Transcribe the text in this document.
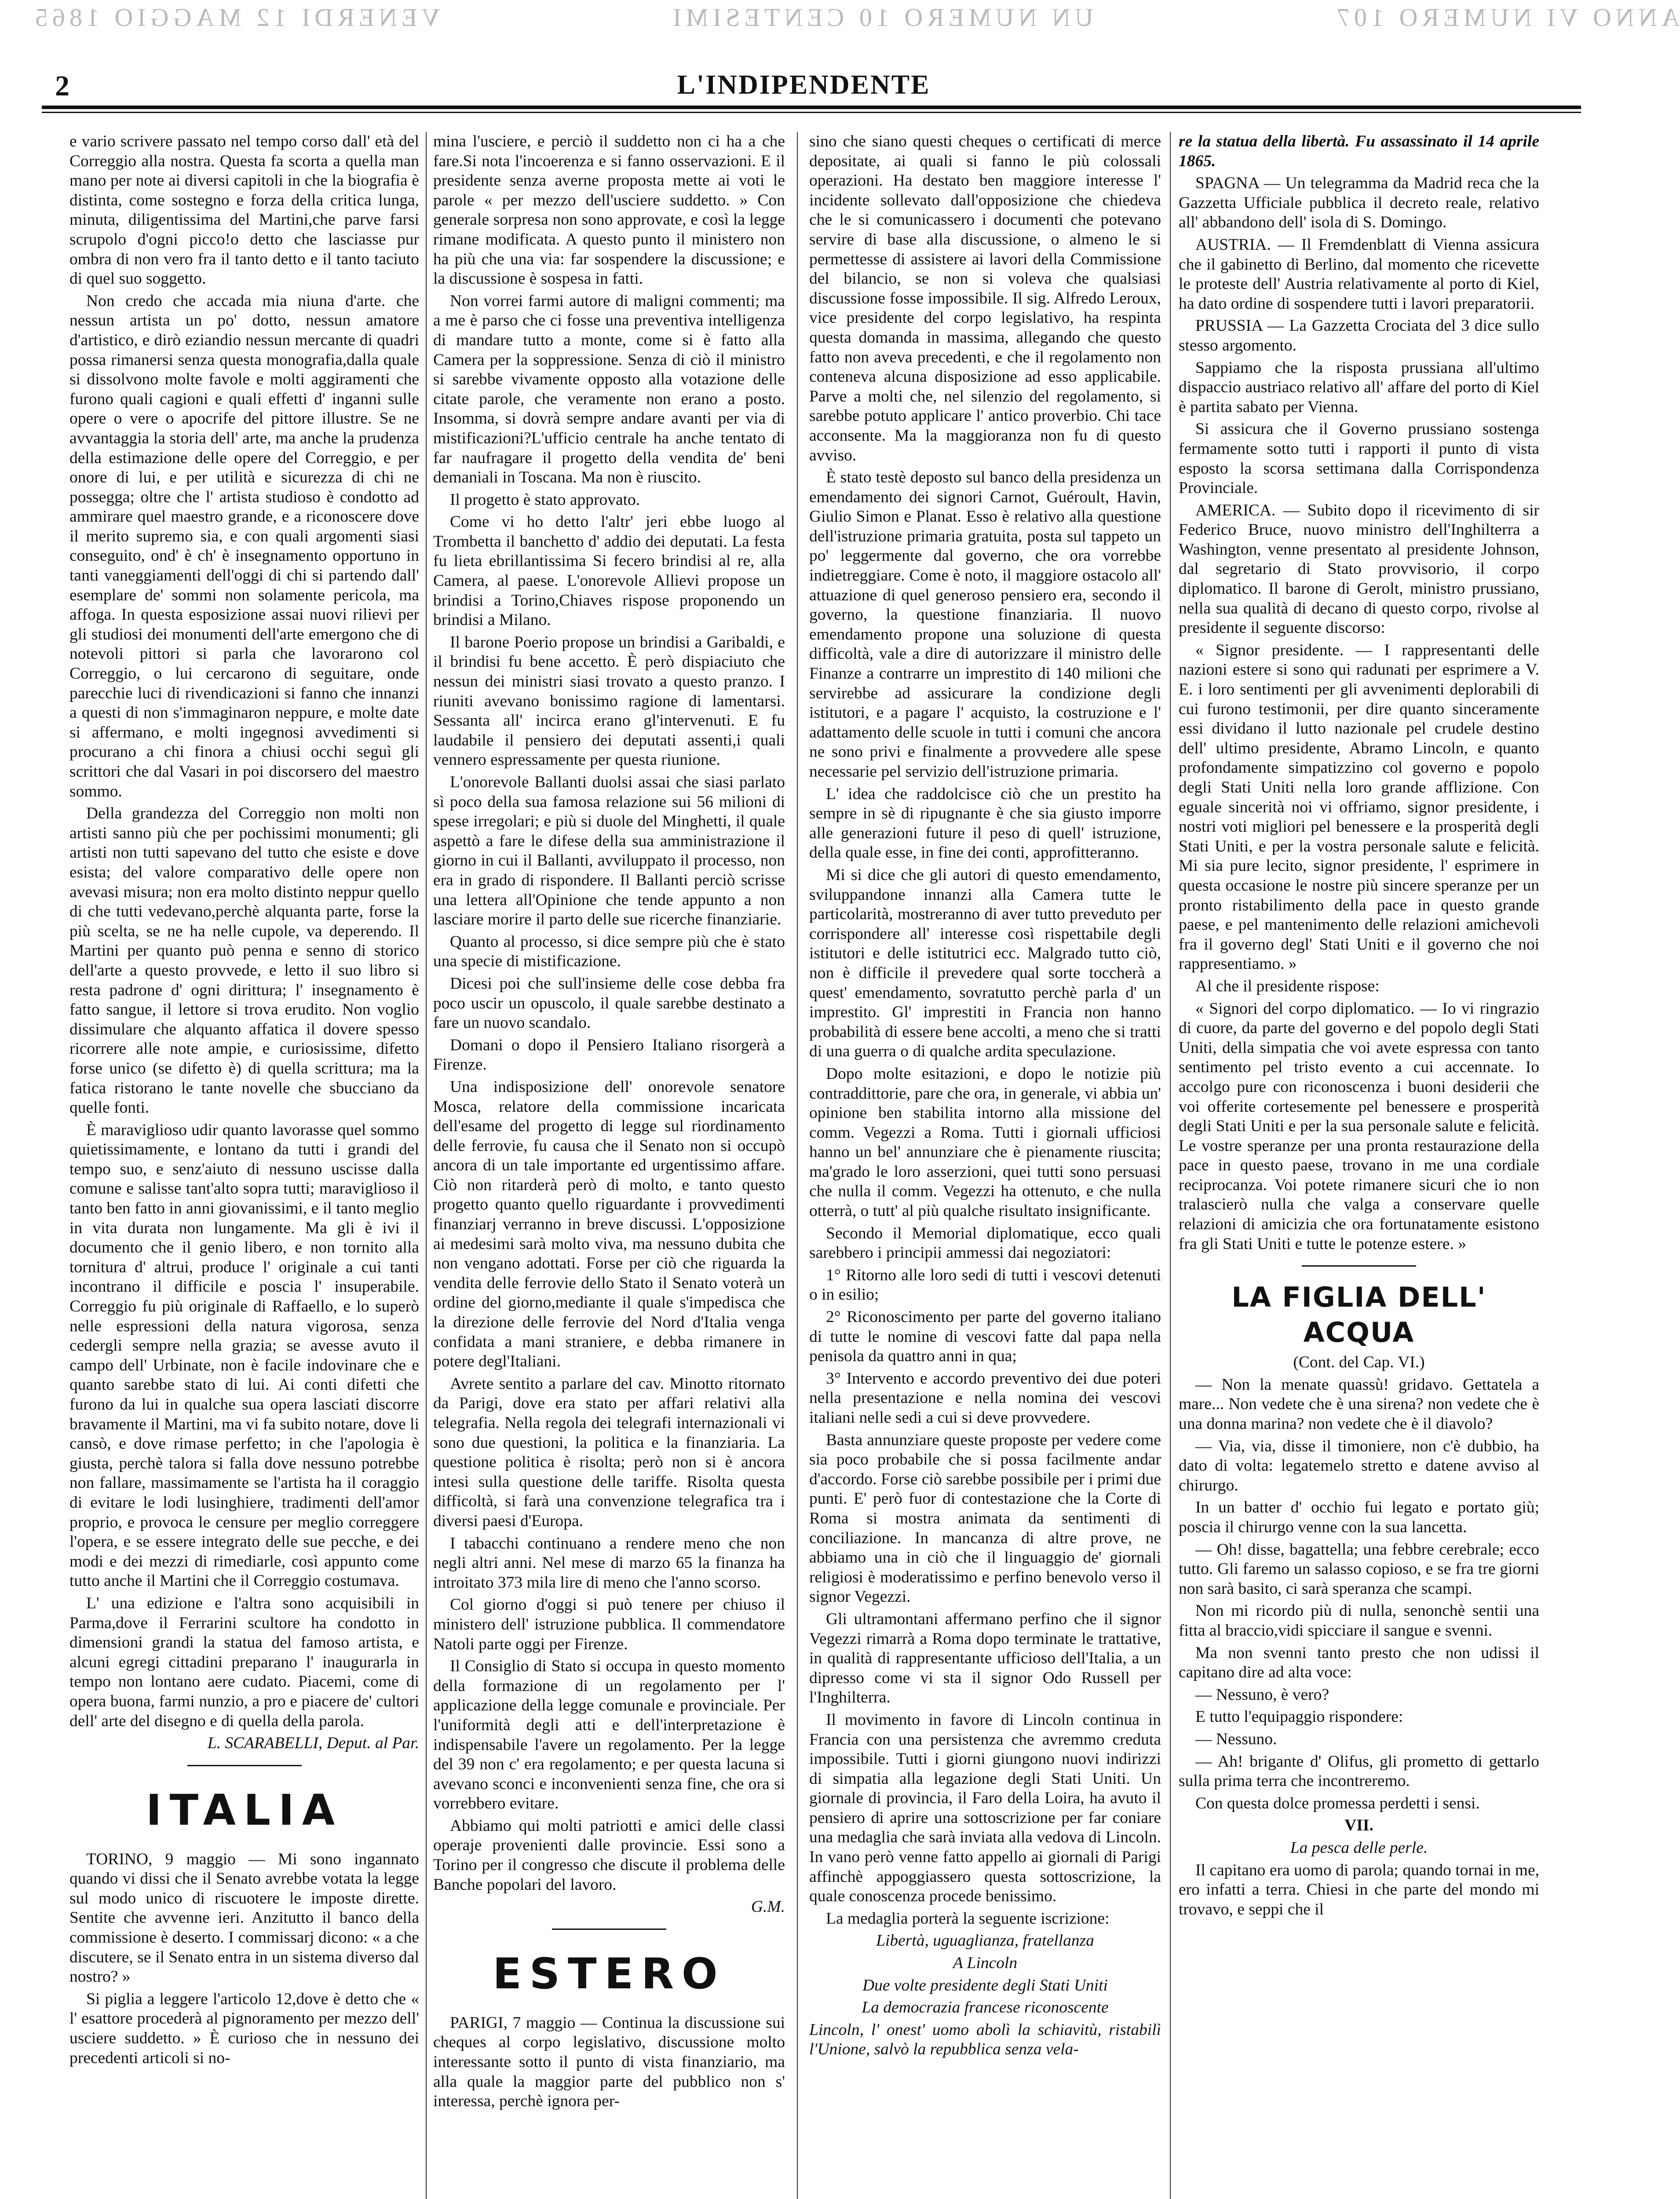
VENERDI 12 MAGGIO 1865	UN NUMERO 10 CENTESIMI	ANNO VI NUMERO 107
2	L'INDIPENDENTE

e vario scrivere passato nel tempo corso dall' età del Correggio alla nostra. Questa fa scorta a quella man mano per note ai diversi capitoli in che la biografia è distinta, come sostegno e forza della critica lunga, minuta, diligentissima del Martini,che parve farsi scrupolo d'ogni picco!o detto che lasciasse pur ombra di non vero fra il tanto detto e il tanto taciuto di quel suo soggetto.

Non credo che accada mia niuna d'arte. che nessun artista un po' dotto, nessun amatore d'artistico, e dirò eziandio nessun mercante di quadri possa rimanersi senza questa monografia,dalla quale si dissolvono molte favole e molti aggiramenti che furono quali cagioni e quali effetti d' inganni sulle opere o vere o apocrife del pittore illustre. Se ne avvantaggia la storia dell' arte, ma anche la prudenza della estimazione delle opere del Correggio, e per onore di lui, e per utilità e sicurezza di chi ne possegga; oltre che l' artista studioso è condotto ad ammirare quel maestro grande, e a riconoscere dove il merito supremo sia, e con quali argomenti siasi conseguito, ond' è ch' è insegnamento opportuno in tanti vaneggiamenti dell'oggi di chi si partendo dall' esemplare de' sommi non solamente pericola, ma affoga. In questa esposizione assai nuovi rilievi per gli studiosi dei monumenti dell'arte emergono che di notevoli pittori si parla che lavorarono col Correggio, o lui cercarono di seguitare, onde parecchie luci di rivendicazioni si fanno che innanzi a questi di non s'immaginaron neppure, e molte date si affermano, e molti ingegnosi avvedimenti si procurano a chi finora a chiusi occhi seguì gli scrittori che dal Vasari in poi discorsero del maestro sommo.

Della grandezza del Correggio non molti non artisti sanno più che per pochissimi monumenti; gli artisti non tutti sapevano del tutto che esiste e dove esista; del valore comparativo delle opere non avevasi misura; non era molto distinto neppur quello di che tutti vedevano,perchè alquanta parte, forse la più scelta, se ne ha nelle cupole, va deperendo. Il Martini per quanto può penna e senno di storico dell'arte a questo provvede, e letto il suo libro si resta padrone d' ogni dirittura; l' insegnamento è fatto sangue, il lettore si trova erudito. Non voglio dissimulare che alquanto affatica il dovere spesso ricorrere alle note ampie, e curiosissime, difetto forse unico (se difetto è) di quella scrittura; ma la fatica ristorano le tante novelle che sbucciano da quelle fonti.

È maraviglioso udir quanto lavorasse quel sommo quietissimamente, e lontano da tutti i grandi del tempo suo, e senz'aiuto di nessuno uscisse dalla comune e salisse tant'alto sopra tutti; maraviglioso il tanto ben fatto in anni giovanissimi, e il tanto meglio in vita durata non lungamente. Ma gli è ivi il documento che il genio libero, e non tornito alla tornitura d' altrui, produce l' originale a cui tanti incontrano il difficile e poscia l' insuperabile. Correggio fu più originale di Raffaello, e lo superò nelle espressioni della natura vigorosa, senza cedergli sempre nella grazia; se avesse avuto il campo dell' Urbinate, non è facile indovinare che e quanto sarebbe stato di lui. Ai conti difetti che furono da lui in qualche sua opera lasciati discorre bravamente il Martini, ma vi fa subito notare, dove li cansò, e dove rimase perfetto; in che l'apologia è giusta, perchè talora si falla dove nessuno potrebbe non fallare, massimamente se l'artista ha il coraggio di evitare le lodi lusinghiere, tradimenti dell'amor proprio, e provoca le censure per meglio correggere l'opera, e se essere integrato delle sue pecche, e dei modi e dei mezzi di rimediarle, così appunto come tutto anche il Martini che il Correggio costumava.

L' una edizione e l'altra sono acquisibili in Parma,dove il Ferrarini scultore ha condotto in dimensioni grandi la statua del famoso artista, e alcuni egregi cittadini preparano l' inaugurarla in tempo non lontano aere cudato. Piacemi, come di opera buona, farmi nunzio, a pro e piacere de' cultori dell' arte del disegno e di quella della parola.

L. SCARABELLI, Deput. al Par.

ITALIA

TORINO, 9 maggio — Mi sono ingannato quando vi dissi che il Senato avrebbe votata la legge sul modo unico di riscuotere le imposte dirette. Sentite che avvenne ieri. Anzitutto il banco della commissione è deserto. I commissarj dicono: « a che discutere, se il Senato entra in un sistema diverso dal nostro? »

Si piglia a leggere l'articolo 12,dove è detto che « l' esattore procederà al pignoramento per mezzo dell' usciere suddetto. » È curioso che in nessuno dei precedenti articoli si no-

mina l'usciere, e perciò il suddetto non ci ha a che fare.Si nota l'incoerenza e si fanno osservazioni. E il presidente senza averne proposta mette ai voti le parole « per mezzo dell'usciere suddetto. » Con generale sorpresa non sono approvate, e così la legge rimane modificata. A questo punto il ministero non ha più che una via: far sospendere la discussione; e la discussione è sospesa in fatti.

Non vorrei farmi autore di maligni commenti; ma a me è parso che ci fosse una preventiva intelligenza di mandare tutto a monte, come si è fatto alla Camera per la soppressione. Senza di ciò il ministro si sarebbe vivamente opposto alla votazione delle citate parole, che veramente non erano a posto. Insomma, si dovrà sempre andare avanti per via di mistificazioni?L'ufficio centrale ha anche tentato di far naufragare il progetto della vendita de' beni demaniali in Toscana. Ma non è riuscito.

Il progetto è stato approvato.

Come vi ho detto l'altr' jeri ebbe luogo al Trombetta il banchetto d' addio dei deputati. La festa fu lieta ebrillantissima Si fecero brindisi al re, alla Camera, al paese. L'onorevole Allievi propose un brindisi a Torino,Chiaves rispose proponendo un brindisi a Milano.

Il barone Poerio propose un brindisi a Garibaldi, e il brindisi fu bene accetto. È però dispiaciuto che nessun dei ministri siasi trovato a questo pranzo. I riuniti avevano bonissimo ragione di lamentarsi. Sessanta all' incirca erano gl'intervenuti. E fu laudabile il pensiero dei deputati assenti,i quali vennero espressamente per questa riunione.

L'onorevole Ballanti duolsi assai che siasi parlato sì poco della sua famosa relazione sui 56 milioni di spese irregolari; e più si duole del Minghetti, il quale aspettò a fare le difese della sua amministrazione il giorno in cui il Ballanti, avviluppato il processo, non era in grado di rispondere. Il Ballanti perciò scrisse una lettera all'Opinione che tende appunto a non lasciare morire il parto delle sue ricerche finanziarie.

Quanto al processo, si dice sempre più che è stato una specie di mistificazione.

Dicesi poi che sull'insieme delle cose debba fra poco uscir un opuscolo, il quale sarebbe destinato a fare un nuovo scandalo.

Domani o dopo il Pensiero Italiano risorgerà a Firenze.

Una indisposizione dell' onorevole senatore Mosca, relatore della commissione incaricata dell'esame del progetto di legge sul riordinamento delle ferrovie, fu causa che il Senato non si occupò ancora di un tale importante ed urgentissimo affare. Ciò non ritarderà però di molto, e tanto questo progetto quanto quello riguardante i provvedimenti finanziarj verranno in breve discussi. L'opposizione ai medesimi sarà molto viva, ma nessuno dubita che non vengano adottati. Forse per ciò che riguarda la vendita delle ferrovie dello Stato il Senato voterà un ordine del giorno,mediante il quale s'impedisca che la direzione delle ferrovie del Nord d'Italia venga confidata a mani straniere, e debba rimanere in potere degl'Italiani.

Avrete sentito a parlare del cav. Minotto ritornato da Parigi, dove era stato per affari relativi alla telegrafia. Nella regola dei telegrafi internazionali vi sono due questioni, la politica e la finanziaria. La questione politica è risolta; però non si è ancora intesi sulla questione delle tariffe. Risolta questa difficoltà, si farà una convenzione telegrafica tra i diversi paesi d'Europa.

I tabacchi continuano a rendere meno che non negli altri anni. Nel mese di marzo 65 la finanza ha introitato 373 mila lire di meno che l'anno scorso.

Col giorno d'oggi si può tenere per chiuso il ministero dell' istruzione pubblica. Il commendatore Natoli parte oggi per Firenze.

Il Consiglio di Stato si occupa in questo momento della formazione di un regolamento per l' applicazione della legge comunale e provinciale. Per l'uniformità degli atti e dell'interpretazione è indispensabile l'avere un regolamento. Per la legge del 39 non c' era regolamento; e per questa lacuna si avevano sconci e inconvenienti senza fine, che ora si vorrebbero evitare.

Abbiamo qui molti patriotti e amici delle classi operaje provenienti dalle provincie. Essi sono a Torino per il congresso che discute il problema delle Banche popolari del lavoro.

G.M.

ESTERO

PARIGI, 7 maggio — Continua la discussione sui cheques al corpo legislativo, discussione molto interessante sotto il punto di vista finanziario, ma alla quale la maggior parte del pubblico non s' interessa, perchè ignora per-

sino che siano questi cheques o certificati di merce depositate, ai quali si fanno le più colossali operazioni. Ha destato ben maggiore interesse l' incidente sollevato dall'opposizione che chiedeva che le si comunicassero i documenti che potevano servire di base alla discussione, o almeno le si permettesse di assistere ai lavori della Commissione del bilancio, se non si voleva che qualsiasi discussione fosse impossibile. Il sig. Alfredo Leroux, vice presidente del corpo legislativo, ha respinta questa domanda in massima, allegando che questo fatto non aveva precedenti, e che il regolamento non conteneva alcuna disposizione ad esso applicabile. Parve a molti che, nel silenzio del regolamento, si sarebbe potuto applicare l' antico proverbio. Chi tace acconsente. Ma la maggioranza non fu di questo avviso.

È stato testè deposto sul banco della presidenza un emendamento dei signori Carnot, Guéroult, Havin, Giulio Simon e Planat. Esso è relativo alla questione dell'istruzione primaria gratuita, posta sul tappeto un po' leggermente dal governo, che ora vorrebbe indietreggiare. Come è noto, il maggiore ostacolo all' attuazione di quel generoso pensiero era, secondo il governo, la questione finanziaria. Il nuovo emendamento propone una soluzione di questa difficoltà, vale a dire di autorizzare il ministro delle Finanze a contrarre un imprestito di 140 milioni che servirebbe ad assicurare la condizione degli istitutori, e a pagare l' acquisto, la costruzione e l' adattamento delle scuole in tutti i comuni che ancora ne sono privi e finalmente a provvedere alle spese necessarie pel servizio dell'istruzione primaria.

L' idea che raddolcisce ciò che un prestito ha sempre in sè di ripugnante è che sia giusto imporre alle generazioni future il peso di quell' istruzione, della quale esse, in fine dei conti, approfitteranno.

Mi si dice che gli autori di questo emendamento, sviluppandone innanzi alla Camera tutte le particolarità, mostreranno di aver tutto preveduto per corrispondere all' interesse così rispettabile degli istitutori e delle istitutrici ecc. Malgrado tutto ciò, non è difficile il prevedere qual sorte toccherà a quest' emendamento, sovratutto perchè parla d' un imprestito. Gl' imprestiti in Francia non hanno probabilità di essere bene accolti, a meno che si tratti di una guerra o di qualche ardita speculazione.

Dopo molte esitazioni, e dopo le notizie più contraddittorie, pare che ora, in generale, vi abbia un' opinione ben stabilita intorno alla missione del comm. Vegezzi a Roma. Tutti i giornali ufficiosi hanno un bel' annunziare che è pienamente riuscita; ma'grado le loro asserzioni, quei tutti sono persuasi che nulla il comm. Vegezzi ha ottenuto, e che nulla otterrà, o tutt' al più qualche risultato insignificante.

Secondo il Memorial diplomatique, ecco quali sarebbero i principii ammessi dai negoziatori:

1° Ritorno alle loro sedi di tutti i vescovi detenuti o in esilio;

2° Riconoscimento per parte del governo italiano di tutte le nomine di vescovi fatte dal papa nella penisola da quattro anni in qua;

3° Intervento e accordo preventivo dei due poteri nella presentazione e nella nomina dei vescovi italiani nelle sedi a cui si deve provvedere.

Basta annunziare queste proposte per vedere come sia poco probabile che si possa facilmente andar d'accordo. Forse ciò sarebbe possibile per i primi due punti. E' però fuor di contestazione che la Corte di Roma si mostra animata da sentimenti di conciliazione. In mancanza di altre prove, ne abbiamo una in ciò che il linguaggio de' giornali religiosi è moderatissimo e perfino benevolo verso il signor Vegezzi.

Gli ultramontani affermano perfino che il signor Vegezzi rimarrà a Roma dopo terminate le trattative, in qualità di rappresentante ufficioso dell'Italia, a un dipresso come vi sta il signor Odo Russell per l'Inghilterra.

Il movimento in favore di Lincoln continua in Francia con una persistenza che avremmo creduta impossibile. Tutti i giorni giungono nuovi indirizzi di simpatia alla legazione degli Stati Uniti. Un giornale di provincia, il Faro della Loira, ha avuto il pensiero di aprire una sottoscrizione per far coniare una medaglia che sarà inviata alla vedova di Lincoln. In vano però venne fatto appello ai giornali di Parigi affinchè appoggiassero questa sottoscrizione, la quale conoscenza procede benissimo.

La medaglia porterà la seguente iscrizione:

Libertà, uguaglianza, fratellanza

A Lincoln

Due volte presidente degli Stati Uniti

La democrazia francese riconoscente

Lincoln, l' onest' uomo abolì la schiavitù, ristabilì l'Unione, salvò la repubblica senza vela-

re la statua della libertà. Fu assassinato il 14 aprile 1865.

SPAGNA — Un telegramma da Madrid reca che la Gazzetta Ufficiale pubblica il decreto reale, relativo all' abbandono dell' isola di S. Domingo.

AUSTRIA. — Il Fremdenblatt di Vienna assicura che il gabinetto di Berlino, dal momento che ricevette le proteste dell' Austria relativamente al porto di Kiel, ha dato ordine di sospendere tutti i lavori preparatorii.

PRUSSIA — La Gazzetta Crociata del 3 dice sullo stesso argomento.

Sappiamo che la risposta prussiana all'ultimo dispaccio austriaco relativo all' affare del porto di Kiel è partita sabato per Vienna.

Si assicura che il Governo prussiano sostenga fermamente sotto tutti i rapporti il punto di vista esposto la scorsa settimana dalla Corrispondenza Provinciale.

AMERICA. — Subito dopo il ricevimento di sir Federico Bruce, nuovo ministro dell'Inghilterra a Washington, venne presentato al presidente Johnson, dal segretario di Stato provvisorio, il corpo diplomatico. Il barone di Gerolt, ministro prussiano, nella sua qualità di decano di questo corpo, rivolse al presidente il seguente discorso:

« Signor presidente. — I rappresentanti delle nazioni estere si sono qui radunati per esprimere a V. E. i loro sentimenti per gli avvenimenti deplorabili di cui furono testimonii, per dire quanto sinceramente essi dividano il lutto nazionale pel crudele destino dell' ultimo presidente, Abramo Lincoln, e quanto profondamente simpatizzino col governo e popolo degli Stati Uniti nella loro grande afflizione. Con eguale sincerità noi vi offriamo, signor presidente, i nostri voti migliori pel benessere e la prosperità degli Stati Uniti, e per la vostra personale salute e felicità. Mi sia pure lecito, signor presidente, l' esprimere in questa occasione le nostre più sincere speranze per un pronto ristabilimento della pace in questo grande paese, e pel mantenimento delle relazioni amichevoli fra il governo degl' Stati Uniti e il governo che noi rappresentiamo. »

Al che il presidente rispose:

« Signori del corpo diplomatico. — Io vi ringrazio di cuore, da parte del governo e del popolo degli Stati Uniti, della simpatia che voi avete espressa con tanto sentimento pel tristo evento a cui accennate. Io accolgo pure con riconoscenza i buoni desiderii che voi offerite cortesemente pel benessere e prosperità degli Stati Uniti e per la sua personale salute e felicità. Le vostre speranze per una pronta restaurazione della pace in questo paese, trovano in me una cordiale reciprocanza. Voi potete rimanere sicuri che io non tralascierò nulla che valga a conservare quelle relazioni di amicizia che ora fortunatamente esistono fra gli Stati Uniti e tutte le potenze estere. »

LA FIGLIA DELL' ACQUA

(Cont. del Cap. VI.)

— Non la menate quassù! gridavo. Gettatela a mare... Non vedete che è una sirena? non vedete che è una donna marina? non vedete che è il diavolo?

— Via, via, disse il timoniere, non c'è dubbio, ha dato di volta: legatemelo stretto e datene avviso al chirurgo.

In un batter d' occhio fui legato e portato giù; poscia il chirurgo venne con la sua lancetta.

— Oh! disse, bagattella; una febbre cerebrale; ecco tutto. Gli faremo un salasso copioso, e se fra tre giorni non sarà basito, ci sarà speranza che scampi.

Non mi ricordo più di nulla, senonchè sentii una fitta al braccio,vidi spicciare il sangue e svenni.

Ma non svenni tanto presto che non udissi il capitano dire ad alta voce:

— Nessuno, è vero?

E tutto l'equipaggio rispondere:

— Nessuno.

— Ah! brigante d' Olifus, gli prometto di gettarlo sulla prima terra che incontreremo.

Con questa dolce promessa perdetti i sensi.

VII.

La pesca delle perle.

Il capitano era uomo di parola; quando tornai in me, ero infatti a terra. Chiesi in che parte del mondo mi trovavo, e seppi che il
